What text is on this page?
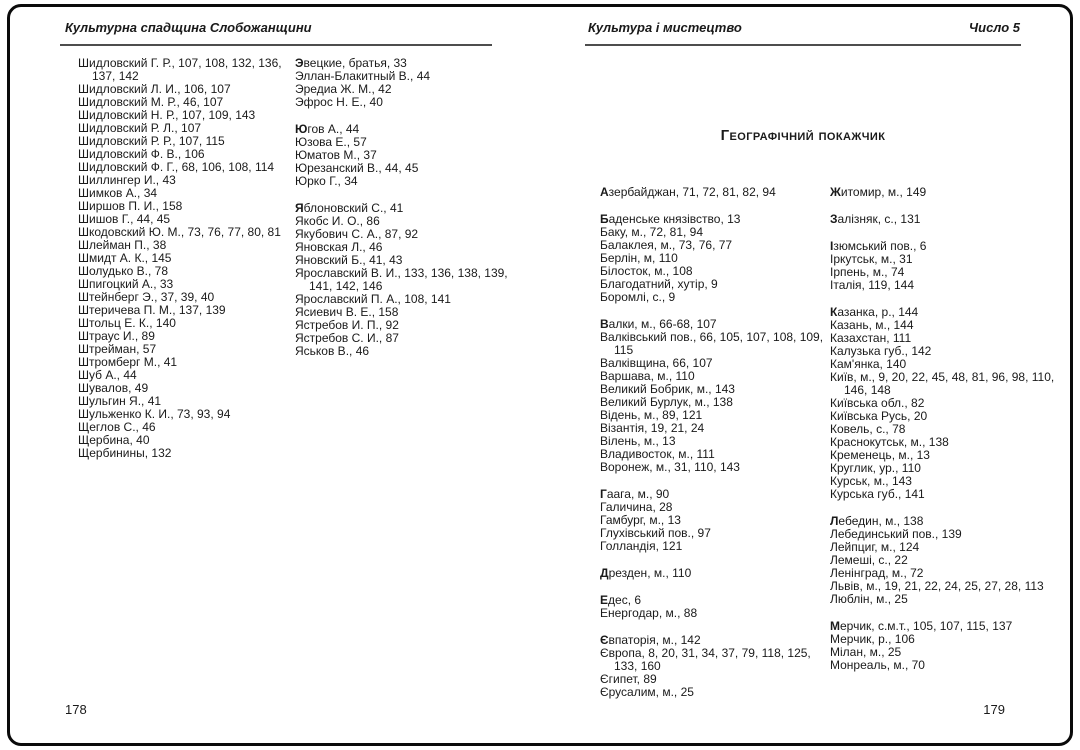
Культурна спадщина Слобожанщини	Культура і мистецтво	Число 5
Географічний покажчик
Шидловский Г. Р., 107, 108, 132, 136, 137, 142
Шидловский Л. И., 106, 107
Шидловский М. Р., 46, 107
Шидловский Н. Р., 107, 109, 143
Шидловский Р. Л., 107
Шидловский Р. Р., 107, 115
Шидловский Ф. В., 106
Шидловский Ф. Г., 68, 106, 108, 114
Шиллингер И., 43
Шимков А., 34
Ширшов П. И., 158
Шишов Г., 44, 45
Шкодовский Ю. М., 73, 76, 77, 80, 81
Шлейман П., 38
Шмидт А. К., 145
Шолудько В., 78
Шпигоцкий А., 33
Штейнберг Э., 37, 39, 40
Штеричева П. М., 137, 139
Штольц Е. К., 140
Штраус И., 89
Штрейман, 57
Штромберг М., 41
Шуб А., 44
Шувалов, 49
Шульгин Я., 41
Шульженко К. И., 73, 93, 94
Щеглов С., 46
Щербина, 40
Щербинины, 132
Эвецкие, братья, 33
Эллан-Блакитный В., 44
Эредиа Ж. М., 42
Эфрос Н. Е., 40
Югов А., 44
Юзова Е., 57
Юматов М., 37
Юрезанский В., 44, 45
Юрко Г., 34
Яблоновский С., 41
Якобс И. О., 86
Якубович С. А., 87, 92
Яновская Л., 46
Яновский Б., 41, 43
Ярославский В. И., 133, 136, 138, 139, 141, 142, 146
Ярославский П. А., 108, 141
Ясиевич В. Е., 158
Ястребов И. П., 92
Ястребов С. И., 87
Яськов В., 46
Азербайджан, 71, 72, 81, 82, 94
Баденське князівство, 13
Баку, м., 72, 81, 94
Балаклея, м., 73, 76, 77
Берлін, м, 110
Білосток, м., 108
Благодатний, хутір, 9
Боромлі, с., 9
Валки, м., 66-68, 107
Валківський пов., 66, 105, 107, 108, 109, 115
Валківщина, 66, 107
Варшава, м., 110
Великий Бобрик, м., 143
Великий Бурлук, м., 138
Відень, м., 89, 121
Візантія, 19, 21, 24
Вілень, м., 13
Владивосток, м., 111
Воронеж, м., 31, 110, 143
Гаага, м., 90
Галичина, 28
Гамбург, м., 13
Глухівський пов., 97
Голландія, 121
Дрезден, м., 110
Едес, 6
Енергодар, м., 88
Євпаторія, м., 142
Європа, 8, 20, 31, 34, 37, 79, 118, 125, 133, 160
Єгипет, 89
Єрусалим, м., 25
Житомир, м., 149
Залізняк, с., 131
Ізюмський пов., 6
Іркутськ, м., 31
Ірпень, м., 74
Італія, 119, 144
Казанка, р., 144
Казань, м., 144
Казахстан, 111
Калузька губ., 142
Кам'янка, 140
Київ, м., 9, 20, 22, 45, 48, 81, 96, 98, 110, 146, 148
Київська обл., 82
Київська Русь, 20
Ковель, с., 78
Краснокутськ, м., 138
Кременець, м., 13
Круглик, ур., 110
Курськ, м., 143
Курська губ., 141
Лебедин, м., 138
Лебединський пов., 139
Лейпциг, м., 124
Лемеші, с., 22
Ленінград, м., 72
Львів, м., 19, 21, 22, 24, 25, 27, 28, 113
Люблін, м., 25
Мерчик, с.м.т., 105, 107, 115, 137
Мерчик, р., 106
Мілан, м., 25
Монреаль, м., 70
178	179
